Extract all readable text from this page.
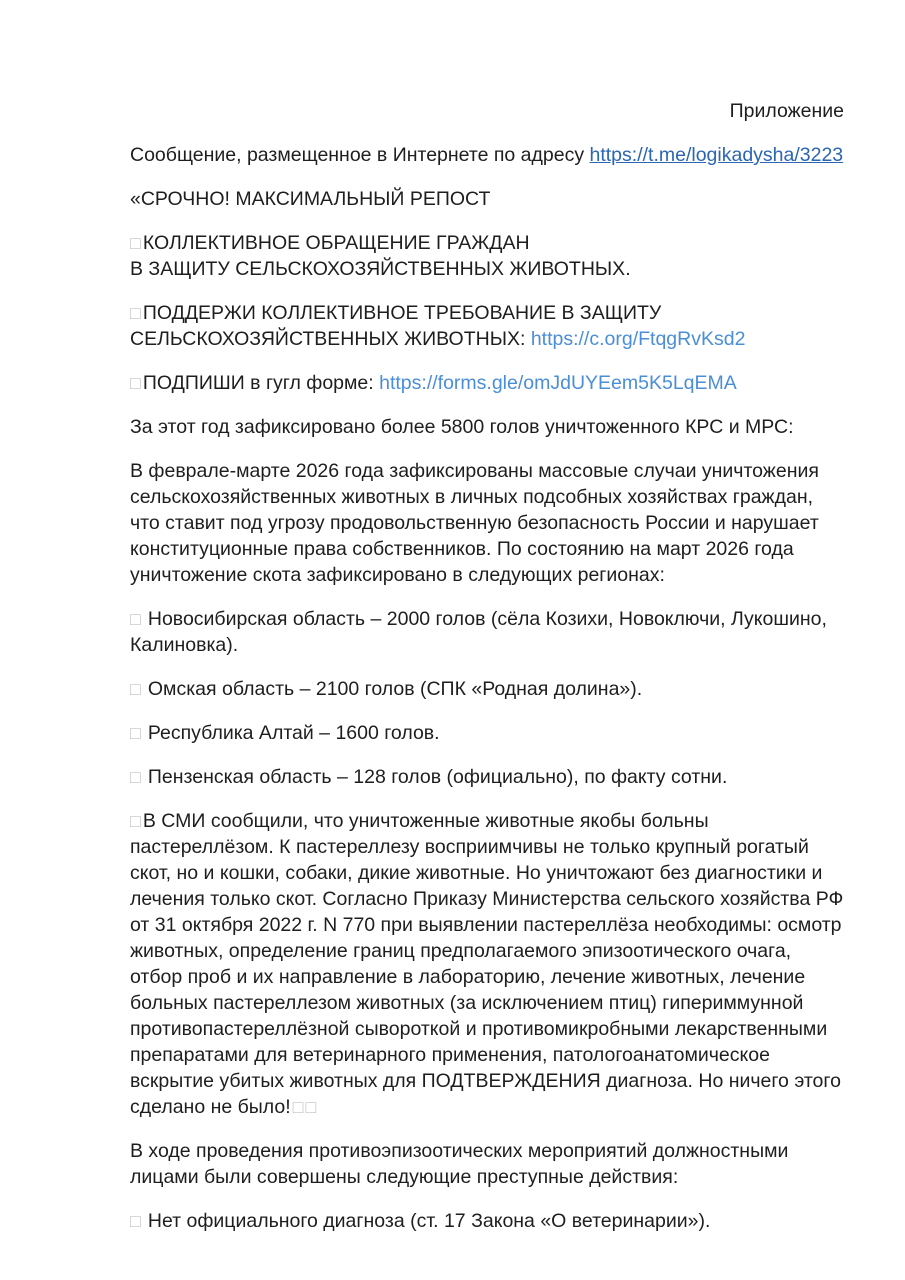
Приложение

Сообщение, размещенное в Интернете по адресу https://t.me/logikadysha/3223

«СРОЧНО! МАКСИМАЛЬНЫЙ РЕПОСТ

□ КОЛЛЕКТИВНОЕ ОБРАЩЕНИЕ ГРАЖДАН
В ЗАЩИТУ СЕЛЬСКОХОЗЯЙСТВЕННЫХ ЖИВОТНЫХ.

□ ПОДДЕРЖИ КОЛЛЕКТИВНОЕ ТРЕБОВАНИЕ В ЗАЩИТУ
СЕЛЬСКОХОЗЯЙСТВЕННЫХ ЖИВОТНЫХ: https://c.org/FtqgRvKsd2

□ ПОДПИШИ в гугл форме: https://forms.gle/omJdUYEem5K5LqEMA

За этот год зафиксировано более 5800 голов уничтоженного КРС и МРС:

В феврале-марте 2026 года зафиксированы массовые случаи уничтожения сельскохозяйственных животных в личных подсобных хозяйствах граждан, что ставит под угрозу продовольственную безопасность России и нарушает конституционные права собственников. По состоянию на март 2026 года уничтожение скота зафиксировано в следующих регионах:

□ Новосибирская область – 2000 голов (сёла Козихи, Новоключи, Лукошино, Калиновка).

□ Омская область – 2100 голов (СПК «Родная долина»).

□ Республика Алтай – 1600 голов.

□ Пензенская область – 128 голов (официально), по факту сотни.

□ В СМИ сообщили, что уничтоженные животные якобы больны пастереллёзом. К пастереллезу восприимчивы не только крупный рогатый скот, но и кошки, собаки, дикие животные. Но уничтожают без диагностики и лечения только скот. Согласно Приказу Министерства сельского хозяйства РФ от 31 октября 2022 г. N 770 при выявлении пастереллёза необходимы: осмотр животных, определение границ предполагаемого эпизоотического очага, отбор проб и их направление в лабораторию, лечение животных, лечение больных пастереллезом животных (за исключением птиц) гипериммунной противопастереллёзной сывороткой и противомикробными лекарственными препаратами для ветеринарного применения, патологоанатомическое вскрытие убитых животных для ПОДТВЕРЖДЕНИЯ диагноза. Но ничего этого сделано не было! □□

В ходе проведения противоэпизоотических мероприятий должностными лицами были совершены следующие преступные действия:

□ Нет официального диагноза (ст. 17 Закона «О ветеринарии»).
